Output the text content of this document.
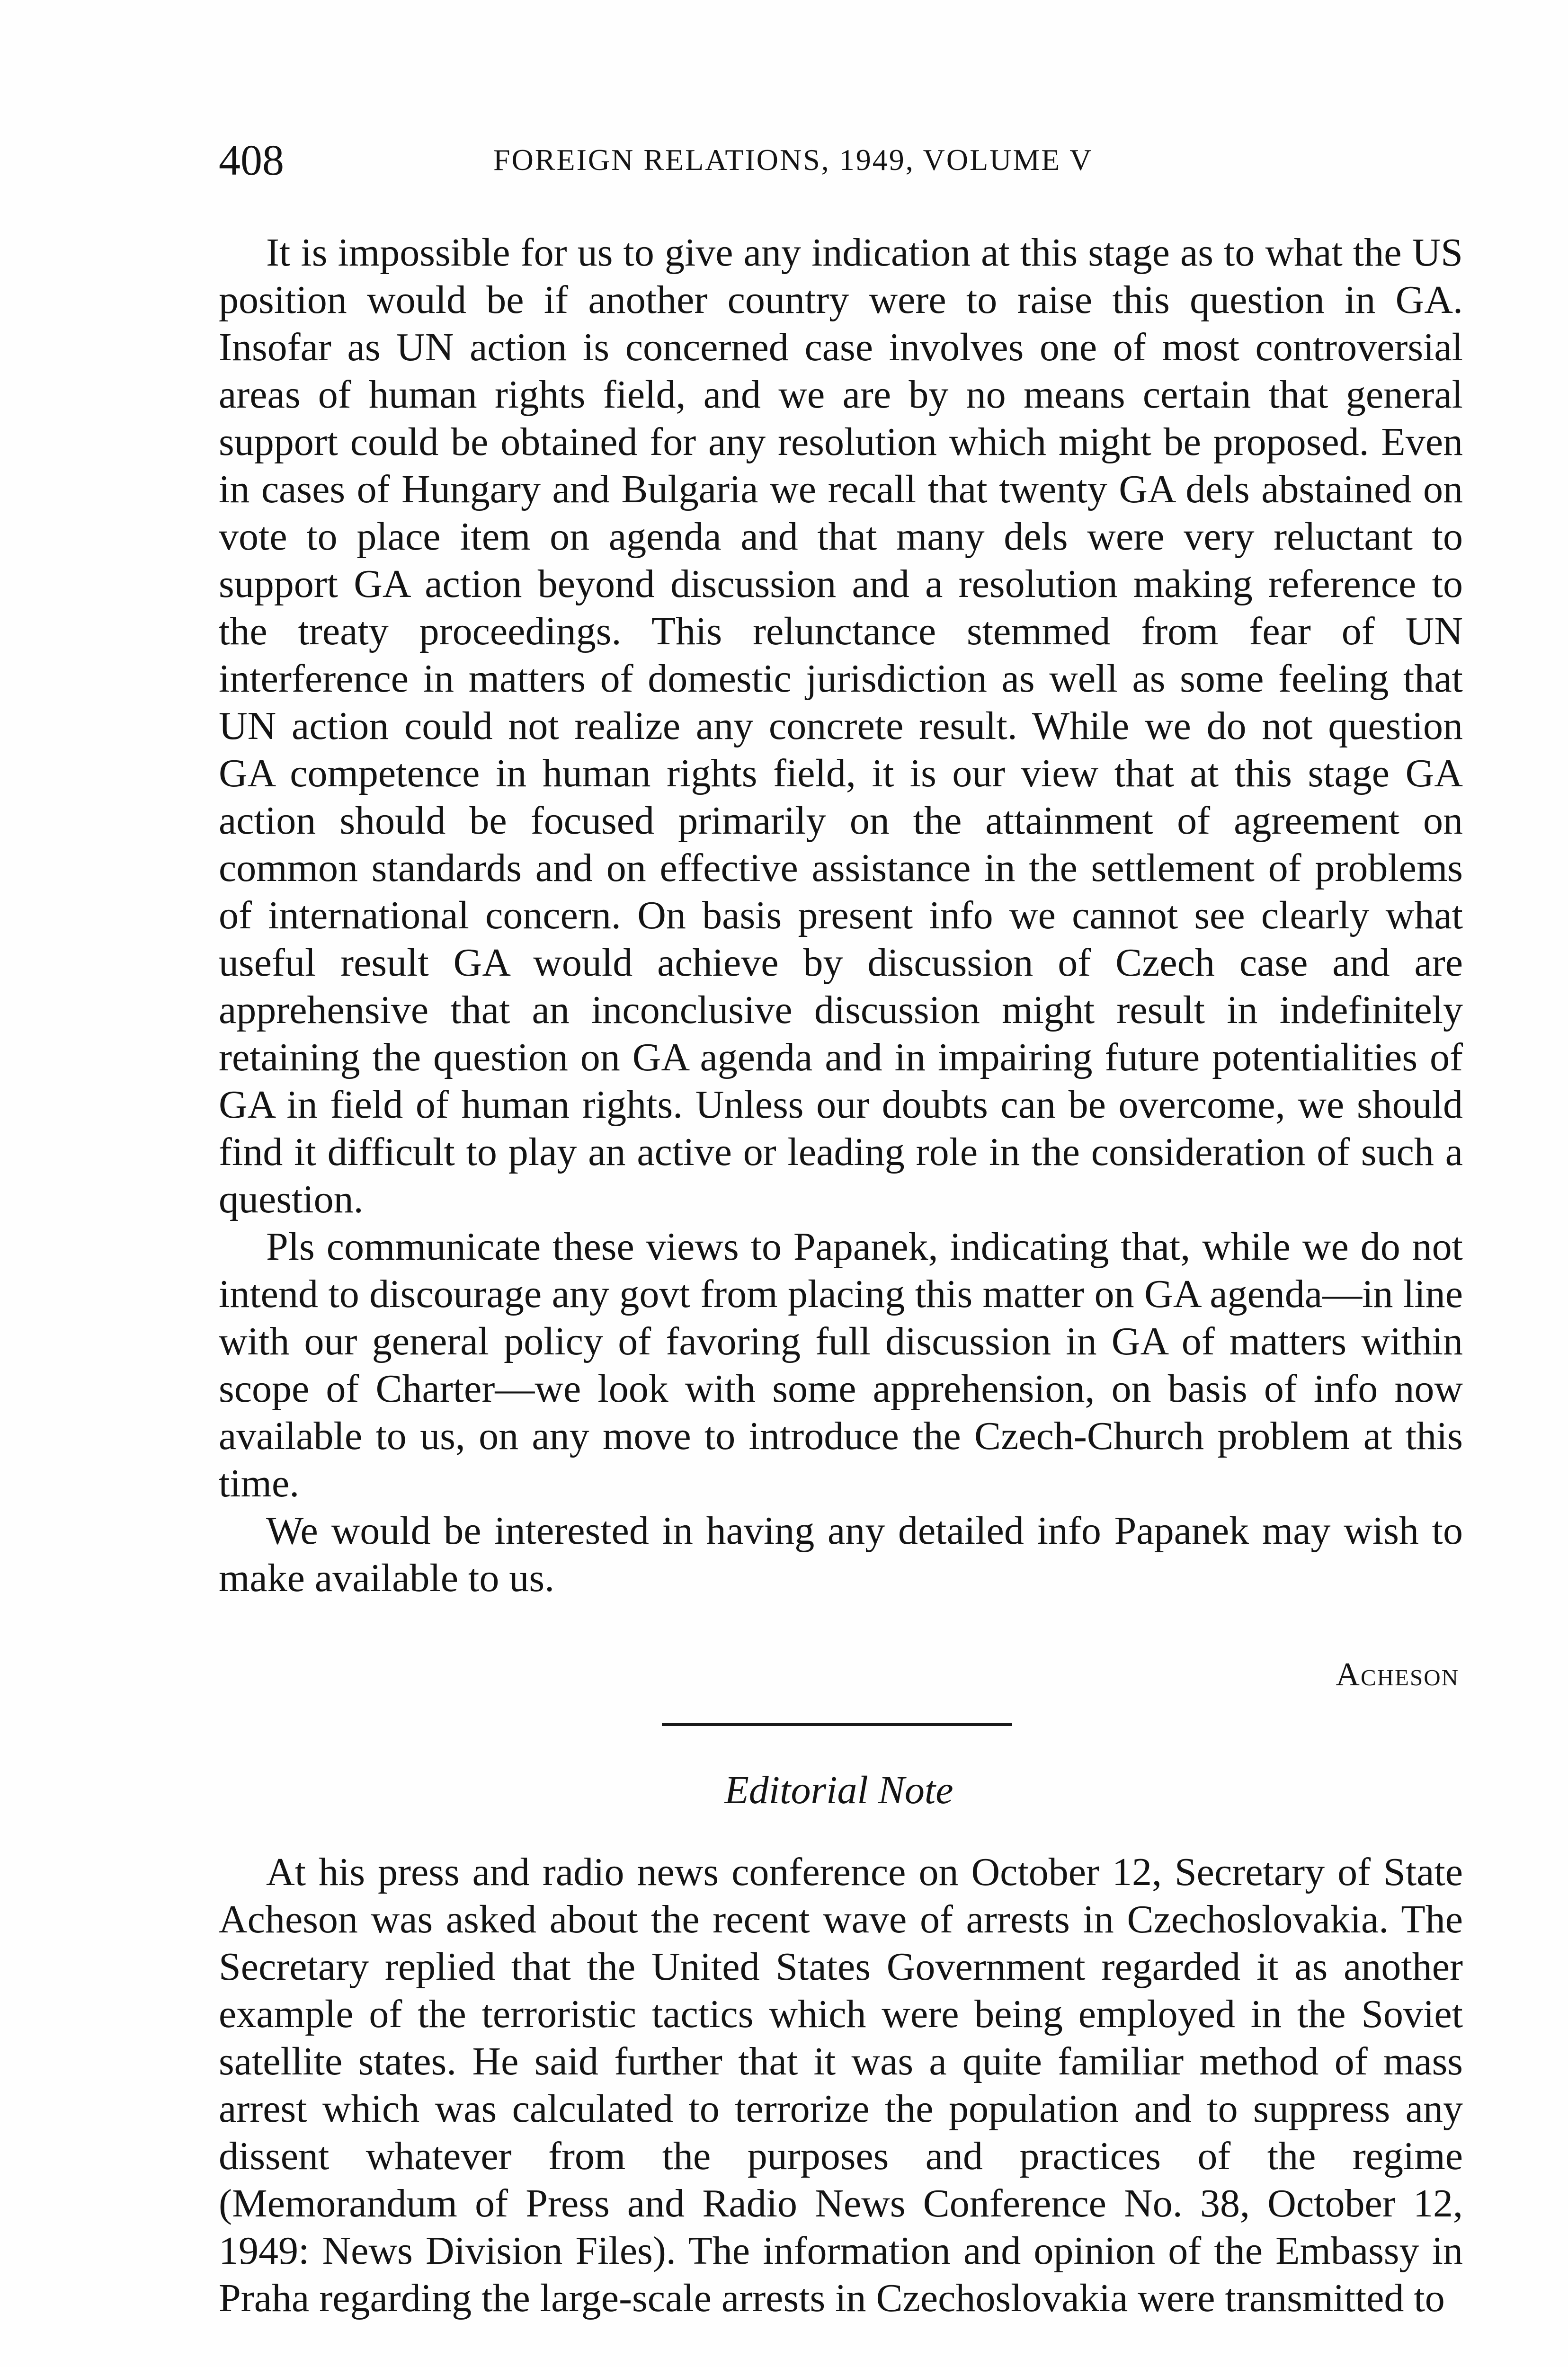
408	FOREIGN RELATIONS, 1949, VOLUME V

It is impossible for us to give any indication at this stage as to what the US position would be if another country were to raise this question in GA. Insofar as UN action is concerned case involves one of most controversial areas of human rights field, and we are by no means certain that general support could be obtained for any resolution which might be proposed. Even in cases of Hungary and Bulgaria we recall that twenty GA dels abstained on vote to place item on agenda and that many dels were very reluctant to support GA action beyond discussion and a resolution making reference to the treaty proceedings. This relunctance stemmed from fear of UN interference in matters of domestic jurisdiction as well as some feeling that UN action could not realize any concrete result. While we do not question GA competence in human rights field, it is our view that at this stage GA action should be focused primarily on the attainment of agreement on common standards and on effective assistance in the settlement of problems of international concern. On basis present info we cannot see clearly what useful result GA would achieve by discussion of Czech case and are apprehensive that an inconclusive discussion might result in indefinitely retaining the question on GA agenda and in impairing future potentialities of GA in field of human rights. Unless our doubts can be overcome, we should find it difficult to play an active or leading role in the consideration of such a question.

Pls communicate these views to Papanek, indicating that, while we do not intend to discourage any govt from placing this matter on GA agenda—in line with our general policy of favoring full discussion in GA of matters within scope of Charter—we look with some apprehension, on basis of info now available to us, on any move to introduce the Czech-Church problem at this time.

We would be interested in having any detailed info Papanek may wish to make available to us.

Acheson
Editorial Note

At his press and radio news conference on October 12, Secretary of State Acheson was asked about the recent wave of arrests in Czechoslovakia. The Secretary replied that the United States Government regarded it as another example of the terroristic tactics which were being employed in the Soviet satellite states. He said further that it was a quite familiar method of mass arrest which was calculated to terrorize the population and to suppress any dissent whatever from the purposes and practices of the regime (Memorandum of Press and Radio News Conference No. 38, October 12, 1949: News Division Files). The information and opinion of the Embassy in Praha regarding the large-scale arrests in Czechoslovakia were transmitted to
